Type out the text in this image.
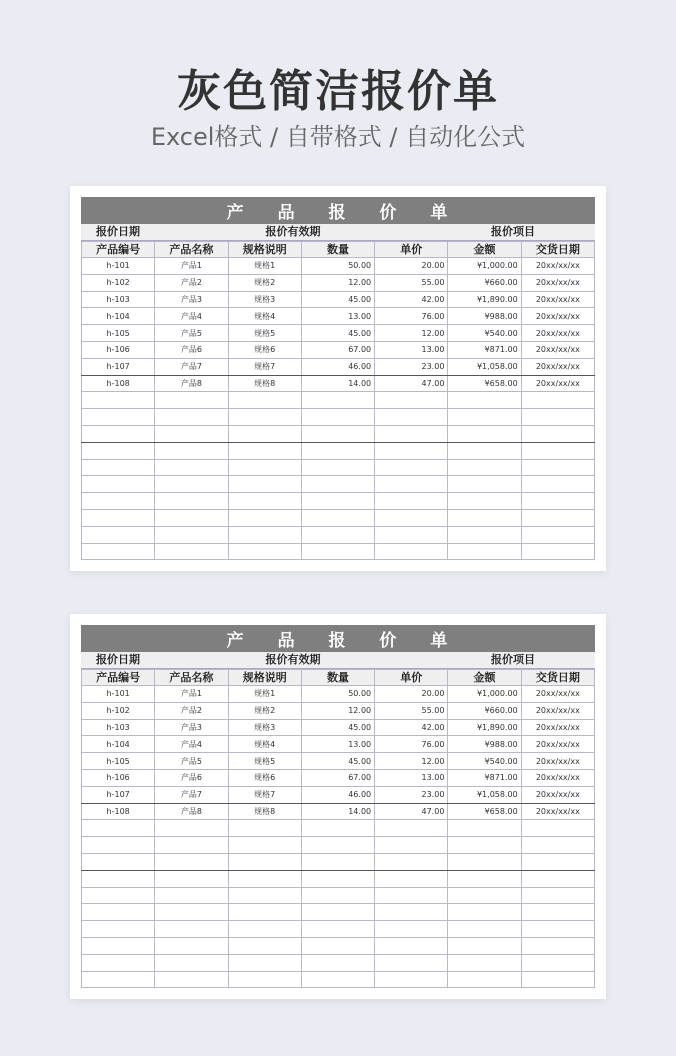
灰色简洁报价单
Excel格式 / 自带格式 / 自动化公式
产 品 报 价 单
报价日期	报价有效期	报价项目
产品编号	产品名称	规格说明	数量	单价	金额	交货日期
h-101	产品1	规格1	50.00	20.00	¥1,000.00	20xx/xx/xx
h-102	产品2	规格2	12.00	55.00	¥660.00	20xx/xx/xx
h-103	产品3	规格3	45.00	42.00	¥1,890.00	20xx/xx/xx
h-104	产品4	规格4	13.00	76.00	¥988.00	20xx/xx/xx
h-105	产品5	规格5	45.00	12.00	¥540.00	20xx/xx/xx
h-106	产品6	规格6	67.00	13.00	¥871.00	20xx/xx/xx
h-107	产品7	规格7	46.00	23.00	¥1,058.00	20xx/xx/xx
h-108	产品8	规格8	14.00	47.00	¥658.00	20xx/xx/xx

产 品 报 价 单
报价日期	报价有效期	报价项目
产品编号	产品名称	规格说明	数量	单价	金额	交货日期
h-101	产品1	规格1	50.00	20.00	¥1,000.00	20xx/xx/xx
h-102	产品2	规格2	12.00	55.00	¥660.00	20xx/xx/xx
h-103	产品3	规格3	45.00	42.00	¥1,890.00	20xx/xx/xx
h-104	产品4	规格4	13.00	76.00	¥988.00	20xx/xx/xx
h-105	产品5	规格5	45.00	12.00	¥540.00	20xx/xx/xx
h-106	产品6	规格6	67.00	13.00	¥871.00	20xx/xx/xx
h-107	产品7	规格7	46.00	23.00	¥1,058.00	20xx/xx/xx
h-108	产品8	规格8	14.00	47.00	¥658.00	20xx/xx/xx
